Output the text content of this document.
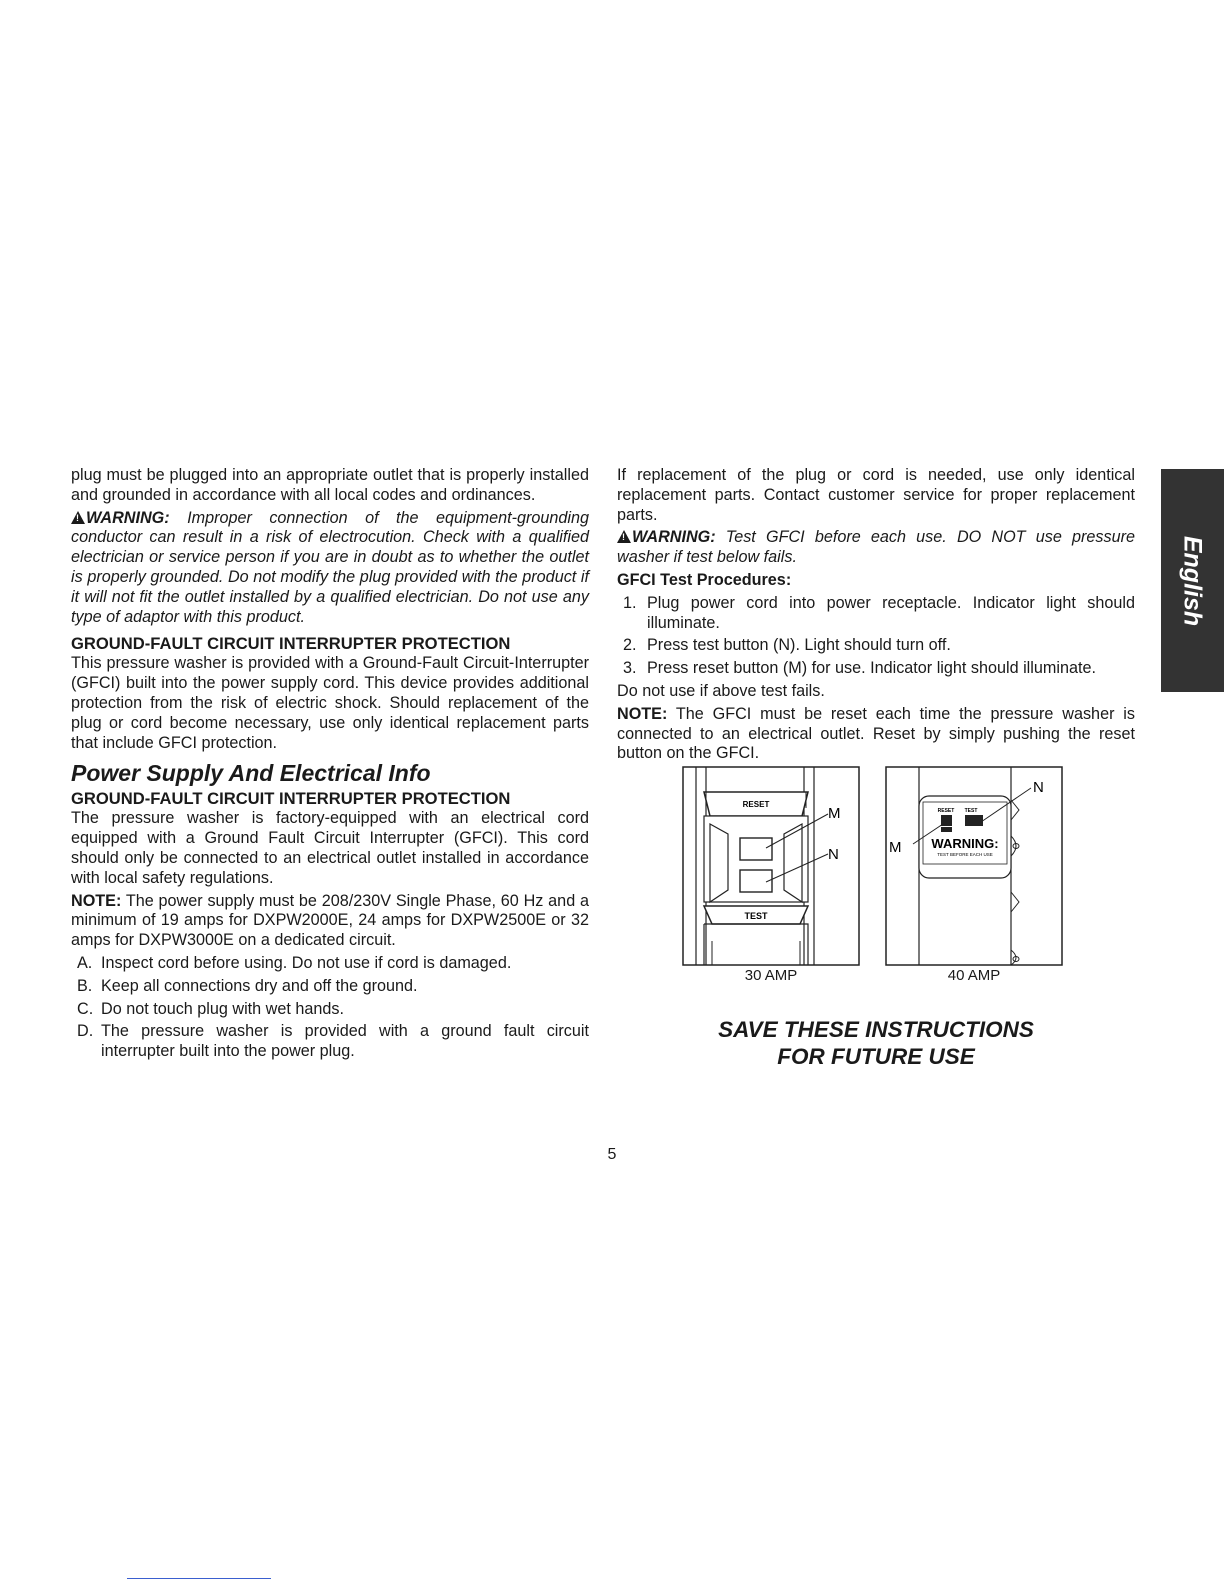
plug must be plugged into an appropriate outlet that is properly installed and grounded in accordance with all local codes and ordinances.

!WARNING: Improper connection of the equipment-grounding conductor can result in a risk of electrocution. Check with a qualified electrician or service person if you are in doubt as to whether the outlet is properly grounded. Do not modify the plug provided with the product if it will not fit the outlet installed by a qualified electrician. Do not use any type of adaptor with this product.

GROUND-FAULT CIRCUIT INTERRUPTER PROTECTION

This pressure washer is provided with a Ground-Fault Circuit-Interrupter (GFCI) built into the power supply cord. This device provides additional protection from the risk of electric shock. Should replacement of the plug or cord become necessary, use only identical replacement parts that include GFCI protection.

Power Supply And Electrical Info
GROUND-FAULT CIRCUIT INTERRUPTER PROTECTION

The pressure washer is factory-equipped with an electrical cord equipped with a Ground Fault Circuit Interrupter (GFCI). This cord should only be connected to an electrical outlet installed in accordance with local safety regulations.

NOTE: The power supply must be 208/230V Single Phase, 60 Hz and a minimum of 19 amps for DXPW2000E, 24 amps for DXPW2500E or 32 amps for DXPW3000E on a dedicated circuit.

A. Inspect cord before using. Do not use if cord is damaged.
B. Keep all connections dry and off the ground.
C. Do not touch plug with wet hands.
D. The pressure washer is provided with a ground fault circuit interrupter built into the power plug.

If replacement of the plug or cord is needed, use only identical replacement parts. Contact customer service for proper replacement parts.

!WARNING: Test GFCI before each use. DO NOT use pressure washer if test below fails.

GFCI Test Procedures:

1. Plug power cord into power receptacle. Indicator light should illuminate.
2. Press test button (N). Light should turn off.
3. Press reset button (M) for use. Indicator light should illuminate.

Do not use if above test fails.

NOTE: The GFCI must be reset each time the pressure washer is connected to an electrical outlet. Reset by simply pushing the reset button on the GFCI.

RESET
TEST
M
N
RESET TEST
WARNING:
TEST BEFORE EACH USE
M
N
30 AMP	40 AMP
SAVE THESE INSTRUCTIONS
FOR FUTURE USE
English
5
